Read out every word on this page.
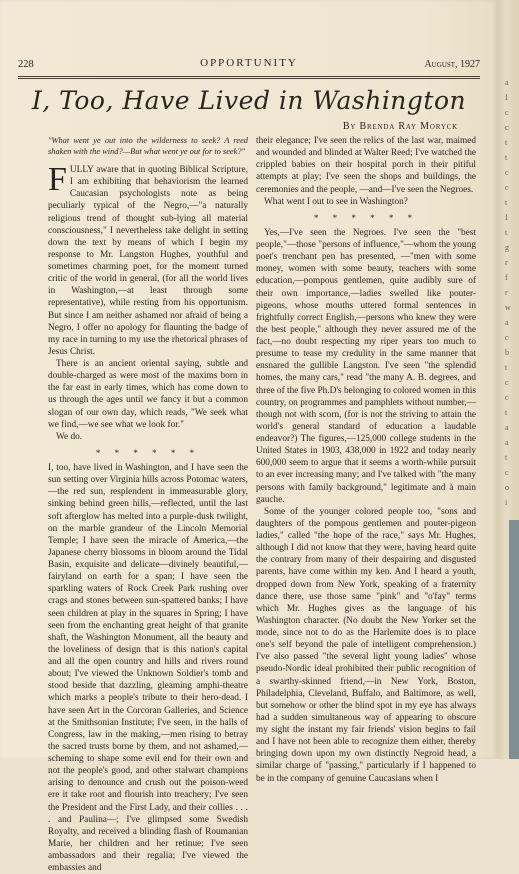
228	OPPORTUNITY	August, 1927
I, Too, Have Lived in Washington
By Brenda Ray Moryck

"What went ye out into the wilderness to seek? A reed shaken with the wind?—But what went ye out for to seek?"

FULLY aware that in quoting Biblical Scripture, I am exhibiting that behaviorism the learned Caucasian psychologists note as being peculiarly typical of the Negro,—"a naturally religious trend of thought sub-lying all material consciousness," I nevertheless take delight in setting down the text by means of which I begin my response to Mr. Langston Hughes, youthful and sometimes charming poet, for the moment turned critic of the world in general, (for all the world lives in Washington,—at least through some representative), while resting from his opportunism. But since I am neither ashamed nor afraid of being a Negro, I offer no apology for flaunting the badge of my race in turning to my use the rhetorical phrases of Jesus Christ.

There is an ancient oriental saying, subtle and double-charged as were most of the maxims born in the far east in early times, which has come down to us through the ages until we fancy it but a common slogan of our own day, which reads, "We seek what we find,—we see what we look for."

We do.

* * * * * *

I, too, have lived in Washington, and I have seen the sun setting over Virginia hills across Potomac waters,—the red sun, resplendent in immeasurable glory, sinking behind green hills,—reflected, until the last soft afterglow has melted into a purple-dusk twilight, on the marble grandeur of the Lincoln Memorial Temple; I have seen the miracle of America,—the Japanese cherry blossoms in bloom around the Tidal Basin, exquisite and delicate—divinely beautiful,—fairyland on earth for a span; I have seen the sparkling waters of Rock Creek Park rushing over crags and stones between sun-spattered banks; I have seen children at play in the squares in Spring; I have seen from the enchanting great height of that granite shaft, the Washington Monument, all the beauty and the loveliness of design that is this nation's capital and all the open country and hills and rivers round about; I've viewed the Unknown Soldier's tomb and stood beside that dazzling, gleaming amphi-theatre which marks a people's tribute to their hero-dead. I have seen Art in the Corcoran Galleries, and Science at the Smithsonian Institute; I've seen, in the halls of Congress, law in the making,—men rising to betray the sacred trusts borne by them, and not ashamed,—scheming to shape some evil end for their own and not the people's good, and other stalwart champions arising to denounce and crush out the poison-weed ere it take root and flourish into treachery; I've seen the President and the First Lady, and their collies . . . . and Paulina—; I've glimpsed some Swedish Royalty, and received a blinding flash of Roumanian Marie, her children and her retinue; I've seen ambassadors and their regalia; I've viewed the embassies and

their elegance; I've seen the relics of the last war, maimed and wounded and blinded at Walter Reed; I've watched the crippled babies on their hospital porch in their pitiful attempts at play; I've seen the shops and buildings, the ceremonies and the people, —and—I've seen the Negroes.

What went I out to see in Washington?

* * * * * *

Yes,—I've seen the Negroes. I've seen the "best people,"—those "persons of influence,"—whom the young poet's trenchant pen has presented, —"men with some money, women with some beauty, teachers with some education,—pompous gentlemen, quite audibly sure of their own importance,—ladies swelled like pouter-pigeons, whose mouths uttered formal sentences in frightfully correct English,—persons who knew they were the best people," although they never assured me of the fact,—no doubt respecting my riper years too much to presume to tease my credulity in the same manner that ensnared the gullible Langston. I've seen "the splendid homes, the many cars," read "the many A. B. degrees, and three of the five Ph.D's belonging to colored women in this country, on programmes and pamphlets without number,—though not with scorn, (for is not the striving to attain the world's general standard of education a laudable endeavor?) The figures,—125,000 college students in the United States in 1903, 438,000 in 1922 and today nearly 600,000 seem to argue that it seems a worth-while pursuit to an ever increasing many; and I've talked with "the many persons with family background," legitimate and à main gauche.

Some of the younger colored people too, "sons and daughters of the pompous gentlemen and pouter-pigeon ladies," called "the hope of the race," says Mr. Hughes, although I did not know that they were, having heard quite the contrary from many of their despairing and disgusted parents, have come within my ken. And I heard a youth, dropped down from New York, speaking of a fraternity dance there, use those same "pink" and "o'fay" terms which Mr. Hughes gives as the language of his Washington character. (No doubt the New Yorker set the mode, since not to do as the Harlemite does is to place one's self beyond the pale of intelligent comprehension.) I've also passed "the several light young ladies" whose pseudo-Nordic ideal prohibited their public recognition of a swarthy-skinned friend,—in New York, Boston, Philadelphia, Cleveland, Buffalo, and Baltimore, as well, but somehow or other the blind spot in my eye has always had a sudden simultaneous way of appearing to obscure my sight the instant my fair friends' vision begins to fail and I have not been able to recognize them either, thereby bringing down upon my own distinctly Negroid head, a similar charge of "passing," particularly if I happened to be in the company of genuine Caucasians when I

a
I
c
c
t
t
c
c
t
I
t
g
r
f
r
w
a
c
b
t
c
c
t
a
a
t
c
o
i
